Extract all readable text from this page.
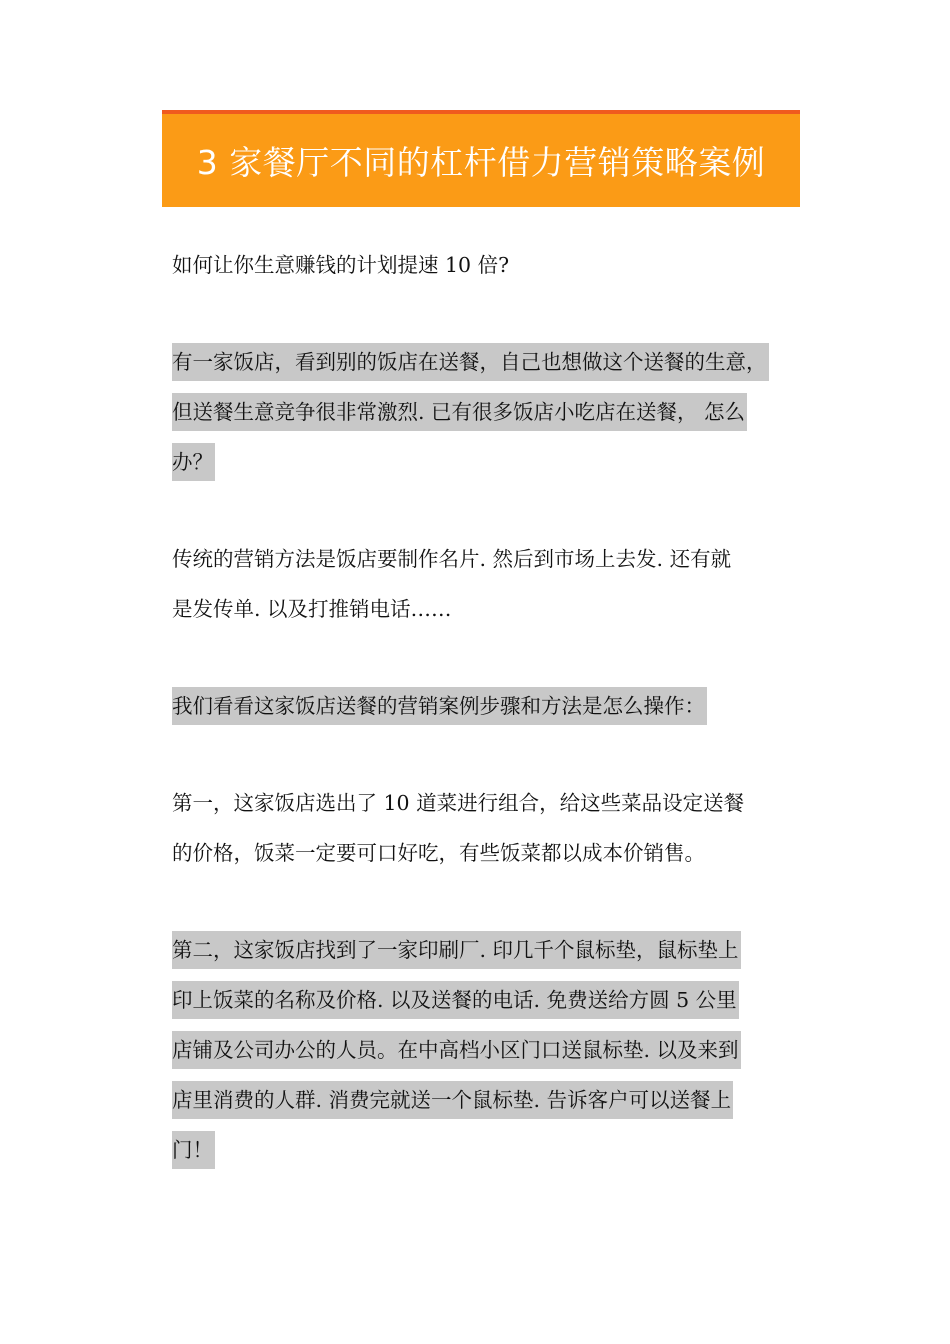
3 家餐厅不同的杠杆借力营销策略案例
如何让你生意赚钱的计划提速 10 倍?
有一家饭店，看到别的饭店在送餐，自己也想做这个送餐的生意，
但送餐生意竞争很非常激烈. 已有很多饭店小吃店在送餐， 怎么
办？
传统的营销方法是饭店要制作名片. 然后到市场上去发. 还有就
是发传单. 以及打推销电话……
我们看看这家饭店送餐的营销案例步骤和方法是怎么操作：
第一，这家饭店选出了 10 道菜进行组合，给这些菜品设定送餐
的价格，饭菜一定要可口好吃，有些饭菜都以成本价销售。
第二，这家饭店找到了一家印刷厂. 印几千个鼠标垫，鼠标垫上
印上饭菜的名称及价格. 以及送餐的电话. 免费送给方圆 5 公里
店铺及公司办公的人员。在中高档小区门口送鼠标垫. 以及来到
店里消费的人群. 消费完就送一个鼠标垫. 告诉客户可以送餐上
门！
